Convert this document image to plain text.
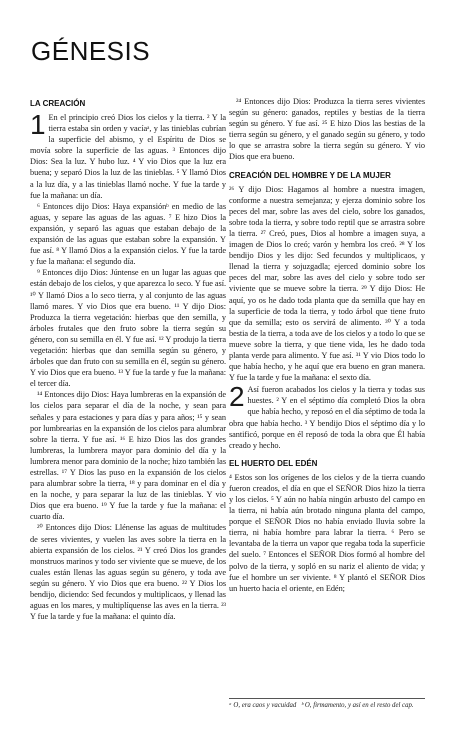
GÉNESIS
LA CREACIÓN

1 En el principio creó Dios los cielos y la tierra. ² Y la tierra estaba sin orden y vacíaᵃ, y las tinieblas cubrían la superficie del abismo, y el Espíritu de Dios se movía sobre la superficie de las aguas. ³ Entonces dijo Dios: Sea la luz. Y hubo luz. ⁴ Y vio Dios que la luz era buena; y separó Dios la luz de las tinieblas. ⁵ Y llamó Dios a la luz día, y a las tinieblas llamó noche. Y fue la tarde y fue la mañana: un día.

⁶ Entonces dijo Dios: Haya expansiónᵇ en medio de las aguas, y separe las aguas de las aguas. ⁷ E hizo Dios la expansión, y separó las aguas que estaban debajo de la expansión de las aguas que estaban sobre la expansión. Y fue así. ⁸ Y llamó Dios a la expansión cielos. Y fue la tarde y fue la mañana: el segundo día.

⁹ Entonces dijo Dios: Júntense en un lugar las aguas que están debajo de los cielos, y que aparezca lo seco. Y fue así. ¹⁰ Y llamó Dios a lo seco tierra, y al conjunto de las aguas llamó mares. Y vio Dios que era bueno. ¹¹ Y dijo Dios: Produzca la tierra vegetación: hierbas que den semilla, y árboles frutales que den fruto sobre la tierra según su género, con su semilla en él. Y fue así. ¹² Y produjo la tierra vegetación: hierbas que dan semilla según su género, y árboles que dan fruto con su semilla en él, según su género. Y vio Dios que era bueno. ¹³ Y fue la tarde y fue la mañana: el tercer día.

¹⁴ Entonces dijo Dios: Haya lumbreras en la expansión de los cielos para separar el día de la noche, y sean para señales y para estaciones y para días y para años; ¹⁵ y sean por lumbrearias en la expansión de los cielos para alumbrar sobre la tierra. Y fue así. ¹⁶ E hizo Dios las dos grandes lumbreras, la lumbrera mayor para dominio del día y la lumbrera menor para dominio de la noche; hizo también las estrellas. ¹⁷ Y Dios las puso en la expansión de los cielos para alumbrar sobre la tierra, ¹⁸ y para dominar en el día y en la noche, y para separar la luz de las tinieblas. Y vio Dios que era bueno. ¹⁹ Y fue la tarde y fue la mañana: el cuarto día.

²⁰ Entonces dijo Dios: Llénense las aguas de multitudes de seres vivientes, y vuelen las aves sobre la tierra en la abierta expansión de los cielos. ²¹ Y creó Dios los grandes monstruos marinos y todo ser viviente que se mueve, de los cuales están llenas las aguas según su género, y toda ave según su género. Y vio Dios que era bueno. ²² Y Dios los bendijo, diciendo: Sed fecundos y multiplicaos, y llenad las aguas en los mares, y multiplíquense las aves en la tierra. ²³ Y fue la tarde y fue la mañana: el quinto día.

²⁴ Entonces dijo Dios: Produzca la tierra seres vivientes según su género: ganados, reptiles y bestias de la tierra según su género. Y fue así. ²⁵ E hizo Dios las bestias de la tierra según su género, y el ganado según su género, y todo lo que se arrastra sobre la tierra según su género. Y vio Dios que era bueno.

CREACIÓN DEL HOMBRE Y DE LA MUJER

²⁶ Y dijo Dios: Hagamos al hombre a nuestra imagen, conforme a nuestra semejanza; y ejerza dominio sobre los peces del mar, sobre las aves del cielo, sobre los ganados, sobre toda la tierra, y sobre todo reptil que se arrastra sobre la tierra. ²⁷ Creó, pues, Dios al hombre a imagen suya, a imagen de Dios lo creó; varón y hembra los creó. ²⁸ Y los bendijo Dios y les dijo: Sed fecundos y multiplicaos, y llenad la tierra y sojuzgadla; ejerced dominio sobre los peces del mar, sobre las aves del cielo y sobre todo ser viviente que se mueve sobre la tierra. ²⁹ Y dijo Dios: He aquí, yo os he dado toda planta que da semilla que hay en la superficie de toda la tierra, y todo árbol que tiene fruto que da semilla; esto os servirá de alimento. ³⁰ Y a toda bestia de la tierra, a toda ave de los cielos y a todo lo que se mueve sobre la tierra, y que tiene vida, les he dado toda planta verde para alimento. Y fue así. ³¹ Y vio Dios todo lo que había hecho, y he aquí que era bueno en gran manera. Y fue la tarde y fue la mañana: el sexto día.

2 Así fueron acabados los cielos y la tierra y todas sus huestes. ² Y en el séptimo día completó Dios la obra que había hecho, y reposó en el día séptimo de toda la obra que había hecho. ³ Y bendijo Dios el séptimo día y lo santificó, porque en él reposó de toda la obra que Él había creado y hecho.

EL HUERTO DEL EDÉN

⁴ Estos son los orígenes de los cielos y de la tierra cuando fueron creados, el día en que el SEÑOR Dios hizo la tierra y los cielos. ⁵ Y aún no había ningún arbusto del campo en la tierra, ni había aún brotado ninguna planta del campo, porque el SEÑOR Dios no había enviado lluvia sobre la tierra, ni había hombre para labrar la tierra. ⁶ Pero se levantaba de la tierra un vapor que regaba toda la superficie del suelo. ⁷ Entonces el SEÑOR Dios formó al hombre del polvo de la tierra, y sopló en su nariz el aliento de vida; y fue el hombre un ser viviente. ⁸ Y plantó el SEÑOR Dios un huerto hacia el oriente, en Edén;

ᵃ O, era caos y vacuidad ᵇ O, firmamento, y así en el resto del cap.
